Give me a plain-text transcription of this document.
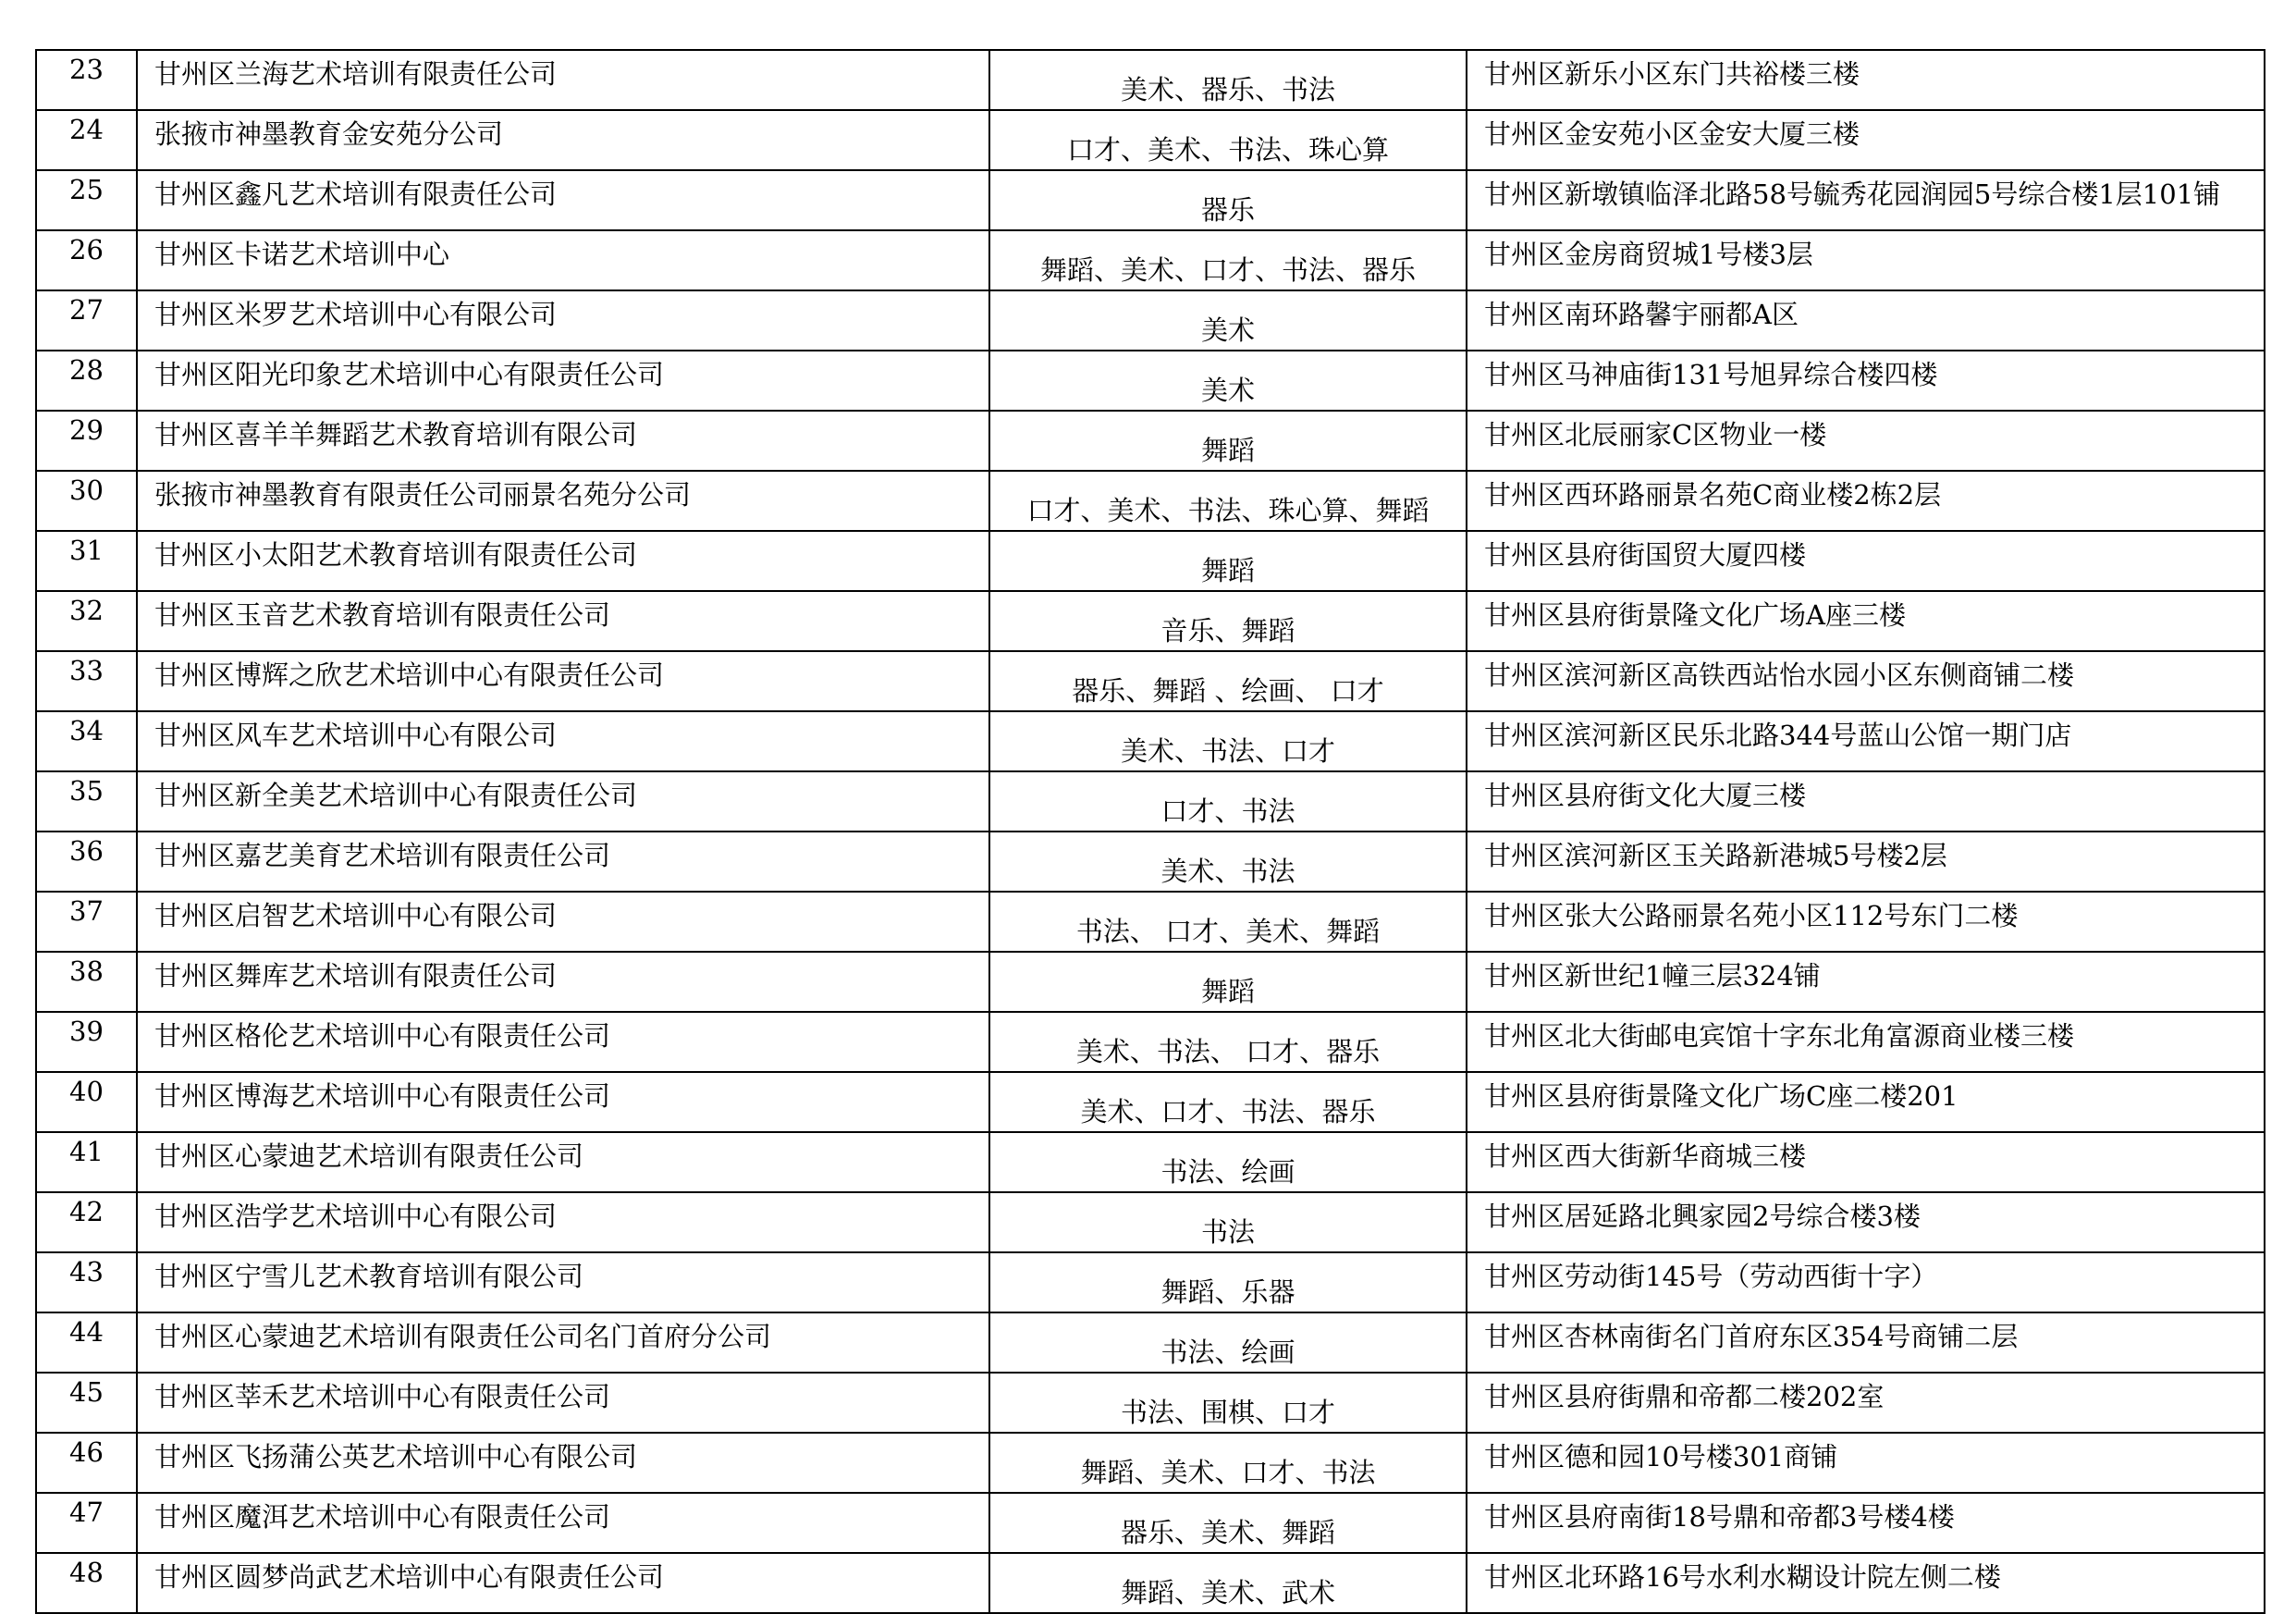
23	甘州区兰海艺术培训有限责任公司	美术、器乐、书法	甘州区新乐小区东门共裕楼三楼
24	张掖市神墨教育金安苑分公司	口才、美术、书法、珠心算	甘州区金安苑小区金安大厦三楼
25	甘州区鑫凡艺术培训有限责任公司	器乐	甘州区新墩镇临泽北路58号毓秀花园润园5号综合楼1层101铺
26	甘州区卡诺艺术培训中心	舞蹈、美术、口才、书法、器乐	甘州区金房商贸城1号楼3层
27	甘州区米罗艺术培训中心有限公司	美术	甘州区南环路馨宇丽都A区
28	甘州区阳光印象艺术培训中心有限责任公司	美术	甘州区马神庙街131号旭昇综合楼四楼
29	甘州区喜羊羊舞蹈艺术教育培训有限公司	舞蹈	甘州区北辰丽家C区物业一楼
30	张掖市神墨教育有限责任公司丽景名苑分公司	口才、美术、书法、珠心算、舞蹈	甘州区西环路丽景名苑C商业楼2栋2层
31	甘州区小太阳艺术教育培训有限责任公司	舞蹈	甘州区县府街国贸大厦四楼
32	甘州区玉音艺术教育培训有限责任公司	音乐、舞蹈	甘州区县府街景隆文化广场A座三楼
33	甘州区博辉之欣艺术培训中心有限责任公司	器乐、舞蹈 、绘画、 口才	甘州区滨河新区高铁西站怡水园小区东侧商铺二楼
34	甘州区风车艺术培训中心有限公司	美术、书法、口才	甘州区滨河新区民乐北路344号蓝山公馆一期门店
35	甘州区新全美艺术培训中心有限责任公司	口才、书法	甘州区县府街文化大厦三楼
36	甘州区嘉艺美育艺术培训有限责任公司	美术、书法	甘州区滨河新区玉关路新港城5号楼2层
37	甘州区启智艺术培训中心有限公司	书法、 口才、美术、舞蹈	甘州区张大公路丽景名苑小区112号东门二楼
38	甘州区舞库艺术培训有限责任公司	舞蹈	甘州区新世纪1幢三层324铺
39	甘州区格伦艺术培训中心有限责任公司	美术、书法、 口才、器乐	甘州区北大街邮电宾馆十字东北角富源商业楼三楼
40	甘州区博海艺术培训中心有限责任公司	美术、口才、书法、器乐	甘州区县府街景隆文化广场C座二楼201
41	甘州区心蒙迪艺术培训有限责任公司	书法、绘画	甘州区西大街新华商城三楼
42	甘州区浩学艺术培训中心有限公司	书法	甘州区居延路北興家园2号综合楼3楼
43	甘州区宁雪儿艺术教育培训有限公司	舞蹈、乐器	甘州区劳动街145号（劳动西街十字）
44	甘州区心蒙迪艺术培训有限责任公司名门首府分公司	书法、绘画	甘州区杏林南街名门首府东区354号商铺二层
45	甘州区莘禾艺术培训中心有限责任公司	书法、围棋、口才	甘州区县府街鼎和帝都二楼202室
46	甘州区飞扬蒲公英艺术培训中心有限公司	舞蹈、美术、口才、书法	甘州区德和园10号楼301商铺
47	甘州区魔洱艺术培训中心有限责任公司	器乐、美术、舞蹈	甘州区县府南街18号鼎和帝都3号楼4楼
48	甘州区圆梦尚武艺术培训中心有限责任公司	舞蹈、美术、武术	甘州区北环路16号水利水糊设计院左侧二楼
